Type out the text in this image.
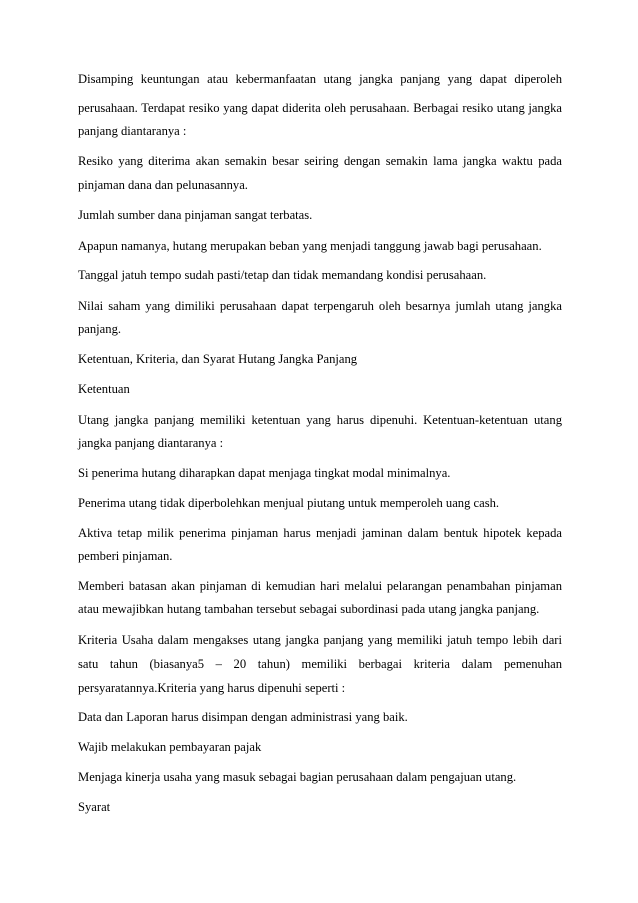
Disamping keuntungan atau kebermanfaatan utang jangka panjang yang dapat diperoleh
perusahaan. Terdapat resiko yang dapat diderita oleh perusahaan. Berbagai resiko utang jangka
panjang diantaranya :
Resiko yang diterima akan semakin besar seiring dengan semakin lama jangka waktu pada
pinjaman dana dan pelunasannya.
Jumlah sumber dana pinjaman sangat terbatas.
Apapun namanya, hutang merupakan beban yang menjadi tanggung jawab bagi perusahaan.
Tanggal jatuh tempo sudah pasti/tetap dan tidak memandang kondisi perusahaan.
Nilai saham yang dimiliki perusahaan dapat terpengaruh oleh besarnya jumlah utang jangka
panjang.
Ketentuan, Kriteria, dan Syarat Hutang Jangka Panjang
Ketentuan
Utang jangka panjang memiliki ketentuan yang harus dipenuhi. Ketentuan-ketentuan utang
jangka panjang diantaranya :
Si penerima hutang diharapkan dapat menjaga tingkat modal minimalnya.
Penerima utang tidak diperbolehkan menjual piutang untuk memperoleh uang cash.
Aktiva tetap milik penerima pinjaman harus menjadi jaminan dalam bentuk hipotek kepada
pemberi pinjaman.
Memberi batasan akan pinjaman di kemudian hari melalui pelarangan penambahan pinjaman
atau mewajibkan hutang tambahan tersebut sebagai subordinasi pada utang jangka panjang.
Kriteria Usaha dalam mengakses utang jangka panjang yang memiliki jatuh tempo lebih dari
satu tahun (biasanya5 – 20 tahun) memiliki berbagai kriteria dalam pemenuhan
persyaratannya.Kriteria yang harus dipenuhi seperti :
Data dan Laporan harus disimpan dengan administrasi yang baik.
Wajib melakukan pembayaran pajak
Menjaga kinerja usaha yang masuk sebagai bagian perusahaan dalam pengajuan utang.
Syarat
